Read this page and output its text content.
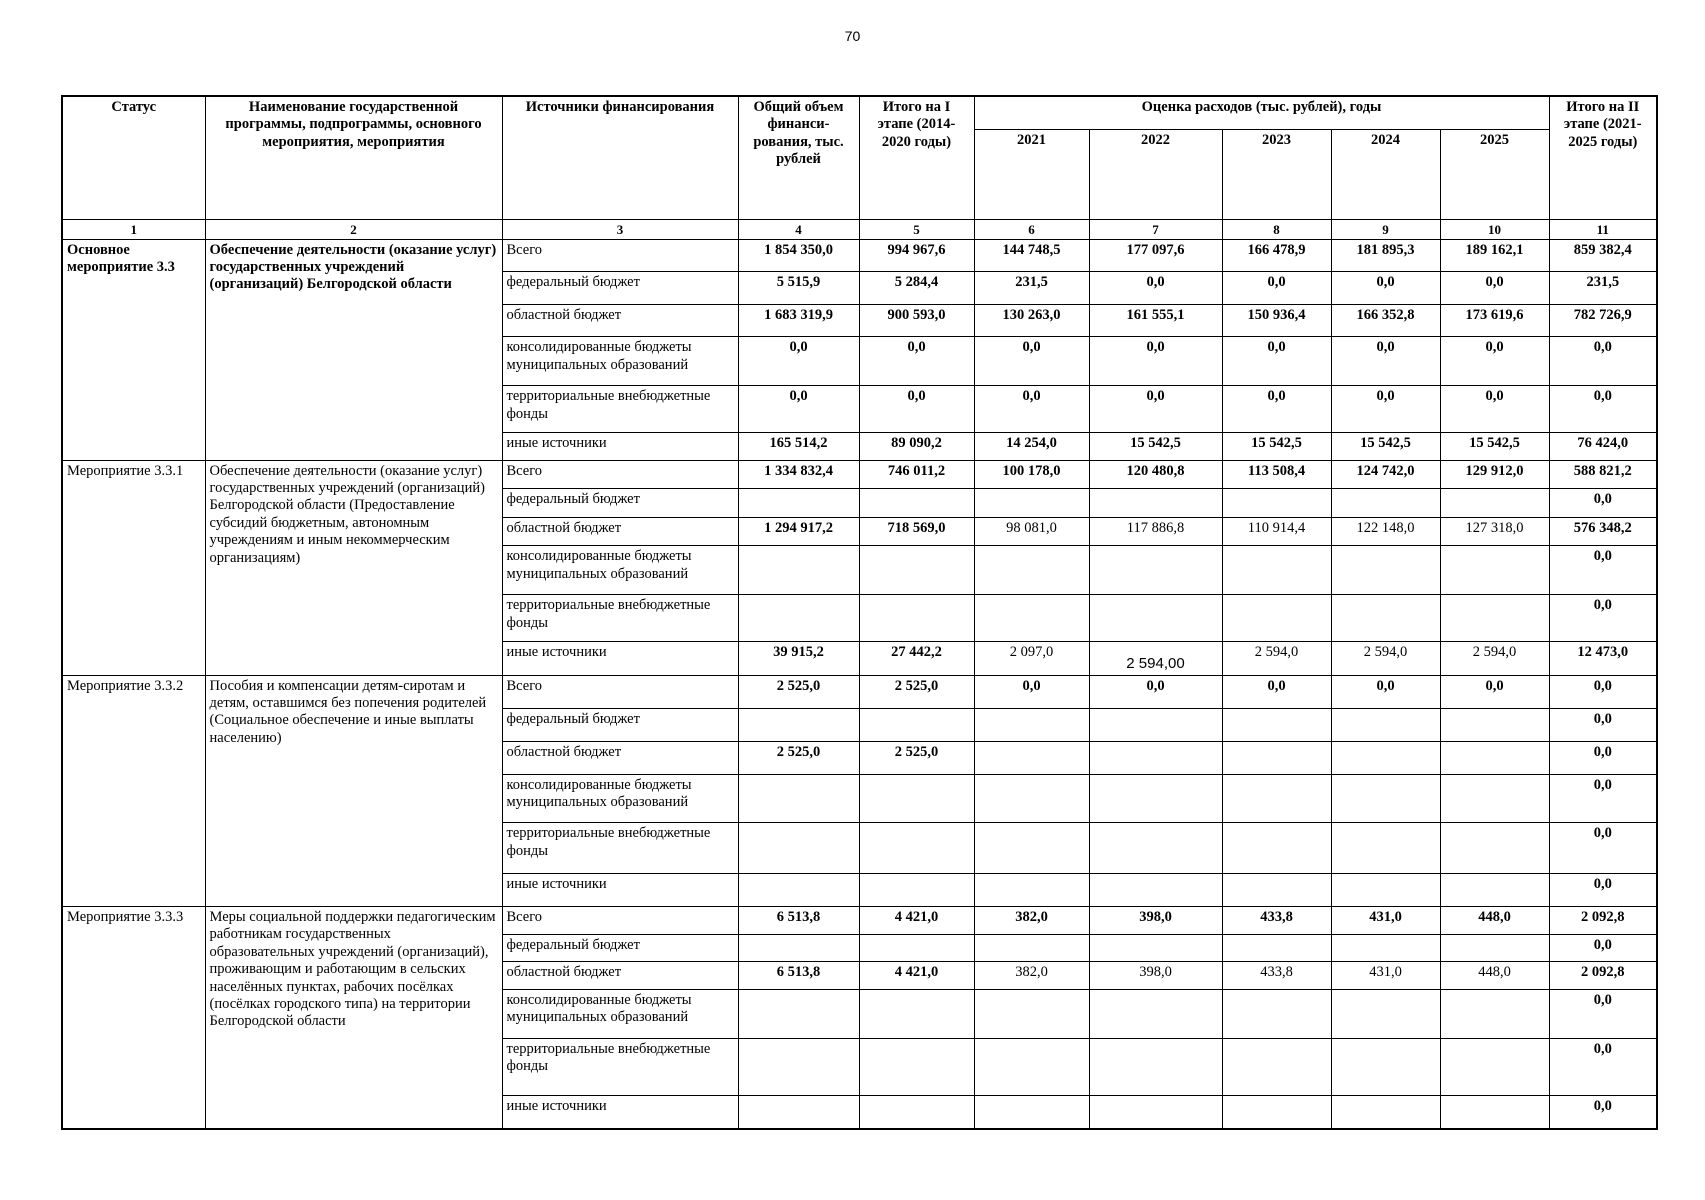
70
Статус	Наименование государственной программы, подпрограммы, основного мероприятия, мероприятия	Источники финансирования	Общий объем финанси-рования, тыс. рублей	Итого на I этапе (2014-2020 годы)	Оценка расходов (тыс. рублей), годы					Итого на II этапе (2021-2025 годы)
					2021	2022	2023	2024	2025	
1	2	3	4	5	6	7	8	9	10	11
Основное мероприятие 3.3	Обеспечение деятельности (оказание услуг) государственных учреждений (организаций) Белгородской области	Всего	1 854 350,0	994 967,6	144 748,5	177 097,6	166 478,9	181 895,3	189 162,1	859 382,4
		федеральный бюджет	5 515,9	5 284,4	231,5	0,0	0,0	0,0	0,0	231,5
		областной бюджет	1 683 319,9	900 593,0	130 263,0	161 555,1	150 936,4	166 352,8	173 619,6	782 726,9
		консолидированные бюджеты муниципальных образований	0,0	0,0	0,0	0,0	0,0	0,0	0,0	0,0
		территориальные внебюджетные фонды	0,0	0,0	0,0	0,0	0,0	0,0	0,0	0,0
		иные источники	165 514,2	89 090,2	14 254,0	15 542,5	15 542,5	15 542,5	15 542,5	76 424,0
Мероприятие 3.3.1	Обеспечение деятельности (оказание услуг) государственных учреждений (организаций) Белгородской области (Предоставление субсидий бюджетным, автономным учреждениям и иным некоммерческим организациям)	Всего	1 334 832,4	746 011,2	100 178,0	120 480,8	113 508,4	124 742,0	129 912,0	588 821,2
		федеральный бюджет								0,0
		областной бюджет	1 294 917,2	718 569,0	98 081,0	117 886,8	110 914,4	122 148,0	127 318,0	576 348,2
		консолидированные бюджеты муниципальных образований								0,0
		территориальные внебюджетные фонды								0,0
		иные источники	39 915,2	27 442,2	2 097,0	2 594,00	2 594,0	2 594,0	2 594,0	12 473,0
Мероприятие 3.3.2	Пособия и компенсации детям-сиротам и детям, оставшимся без попечения родителей (Социальное обеспечение и иные выплаты населению)	Всего	2 525,0	2 525,0	0,0	0,0	0,0	0,0	0,0	0,0
		федеральный бюджет								0,0
		областной бюджет	2 525,0	2 525,0						0,0
		консолидированные бюджеты муниципальных образований								0,0
		территориальные внебюджетные фонды								0,0
		иные источники								0,0
Мероприятие 3.3.3	Меры социальной поддержки педагогическим работникам государственных образовательных учреждений (организаций), проживающим и работающим в сельских населённых пунктах, рабочих посёлках (посёлках городского типа) на территории Белгородской области	Всего	6 513,8	4 421,0	382,0	398,0	433,8	431,0	448,0	2 092,8
		федеральный бюджет								0,0
		областной бюджет	6 513,8	4 421,0	382,0	398,0	433,8	431,0	448,0	2 092,8
		консолидированные бюджеты муниципальных образований								0,0
		территориальные внебюджетные фонды								0,0
		иные источники								0,0
